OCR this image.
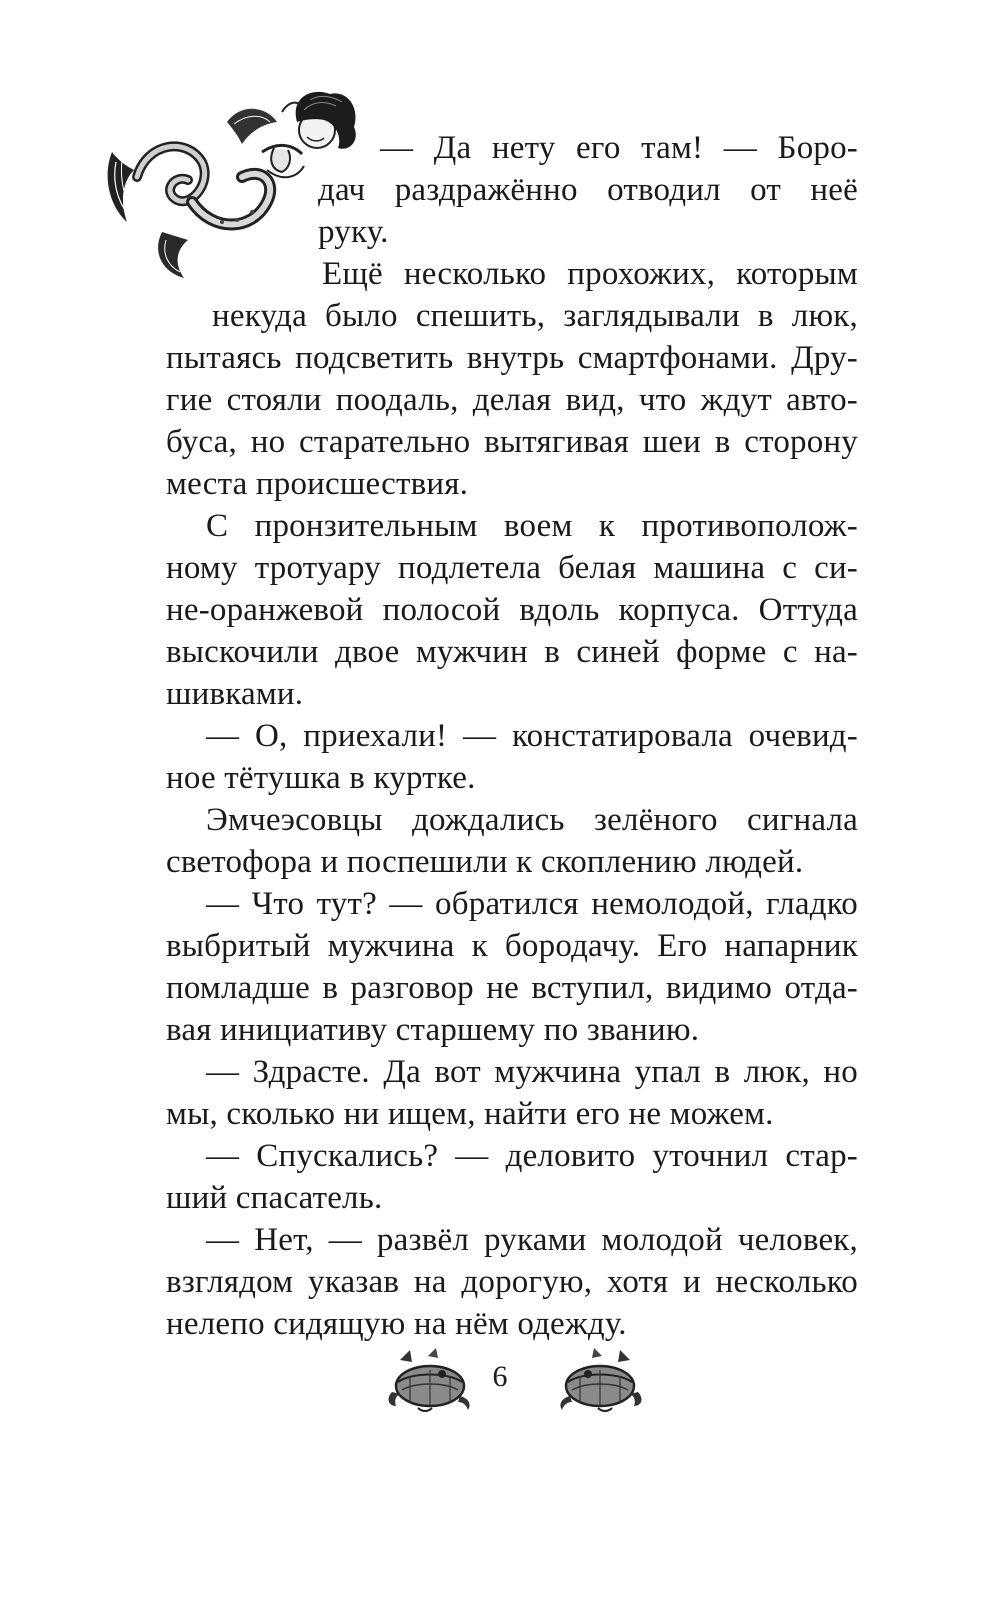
— Да нету его там! — Боро-

дач раздражённо отводил от неё

руку.

Ещё несколько прохожих, которым

некуда было спешить, заглядывали в люк,

пытаясь подсветить внутрь смартфонами. Дру-

гие стояли поодаль, делая вид, что ждут авто-

буса, но старательно вытягивая шеи в сторону

места происшествия.

С пронзительным воем к противополож-

ному тротуару подлетела белая машина с си-

не-оранжевой полосой вдоль корпуса. Оттуда

выскочили двое мужчин в синей форме с на-

шивками.

— О, приехали! — констатировала очевид-

ное тётушка в куртке.

Эмчеэсовцы дождались зелёного сигнала

светофора и поспешили к скоплению людей.

— Что тут? — обратился немолодой, гладко

выбритый мужчина к бородачу. Его напарник

помладше в разговор не вступил, видимо отда-

вая инициативу старшему по званию.

— Здрасте. Да вот мужчина упал в люк, но

мы, сколько ни ищем, найти его не можем.

— Спускались? — деловито уточнил стар-

ший спасатель.

— Нет, — развёл руками молодой человек,

взглядом указав на дорогую, хотя и несколько

нелепо сидящую на нём одежду.

6
